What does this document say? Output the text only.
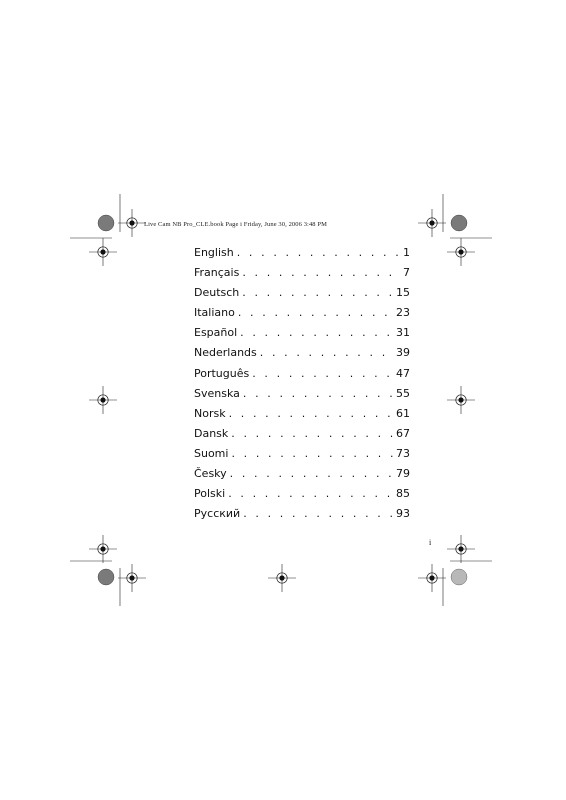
Live Cam NB Pro_CLE.book Page i Friday, June 30, 2006 3:48 PM
English . . .	1
Français . . .	7
Deutsch . . .	15
Italiano . . .	23
Español . . .	31
Nederlands . . .	39
Português . . .	47
Svenska . . .	55
Norsk . . .	61
Dansk . . .	67
Suomi . . .	73
Česky . . .	79
Polski . . .	85
Русский . . .	93
i
